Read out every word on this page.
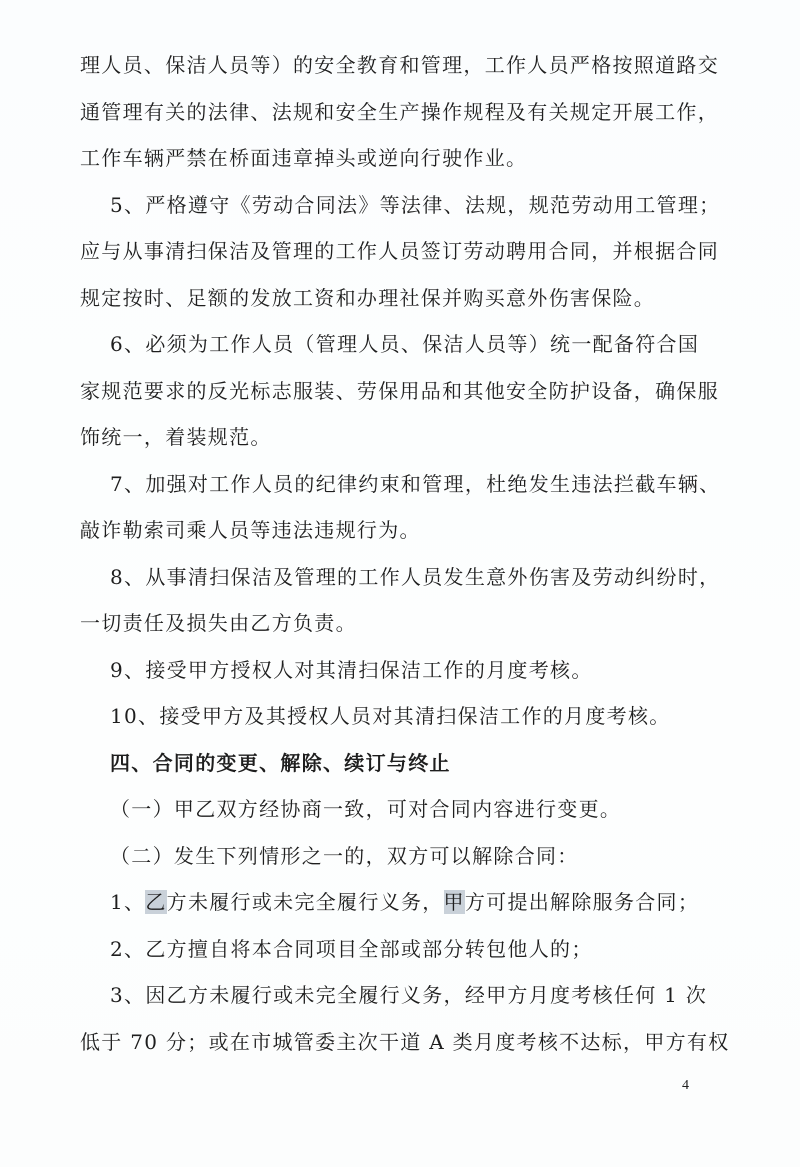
理人员、保洁人员等）的安全教育和管理，工作人员严格按照道路交
通管理有关的法律、法规和安全生产操作规程及有关规定开展工作，
工作车辆严禁在桥面违章掉头或逆向行驶作业。
5、严格遵守《劳动合同法》等法律、法规，规范劳动用工管理；
应与从事清扫保洁及管理的工作人员签订劳动聘用合同，并根据合同
规定按时、足额的发放工资和办理社保并购买意外伤害保险。
6、必须为工作人员（管理人员、保洁人员等）统一配备符合国
家规范要求的反光标志服装、劳保用品和其他安全防护设备，确保服
饰统一，着装规范。
7、加强对工作人员的纪律约束和管理，杜绝发生违法拦截车辆、
敲诈勒索司乘人员等违法违规行为。
8、从事清扫保洁及管理的工作人员发生意外伤害及劳动纠纷时，
一切责任及损失由乙方负责。
9、接受甲方授权人对其清扫保洁工作的月度考核。
10、接受甲方及其授权人员对其清扫保洁工作的月度考核。
四、合同的变更、解除、续订与终止
（一）甲乙双方经协商一致，可对合同内容进行变更。
（二）发生下列情形之一的，双方可以解除合同：
1、乙方未履行或未完全履行义务，甲方可提出解除服务合同；
2、乙方擅自将本合同项目全部或部分转包他人的；
3、因乙方未履行或未完全履行义务，经甲方月度考核任何 1 次
低于 70 分；或在市城管委主次干道 A 类月度考核不达标，甲方有权
4
